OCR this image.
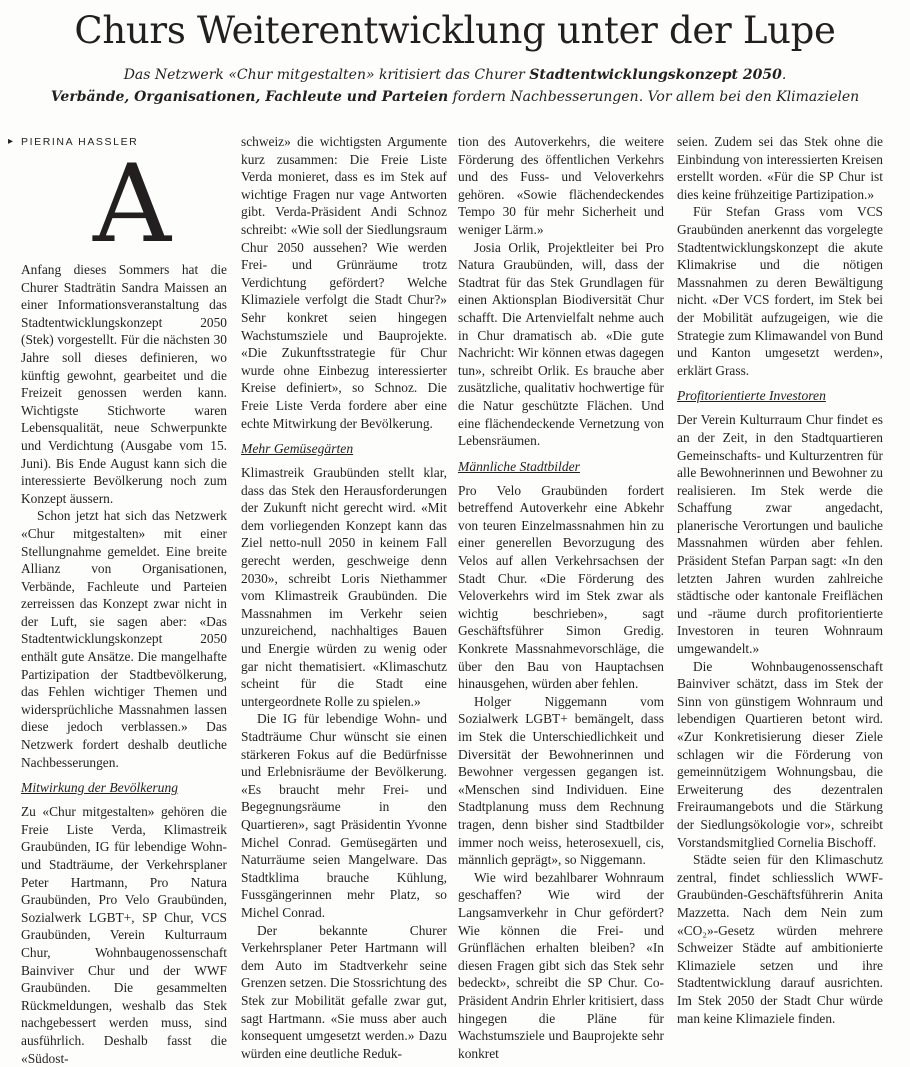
Churs Weiterentwicklung unter der Lupe

Das Netzwerk «Chur mitgestalten» kritisiert das Churer Stadtentwicklungskonzept 2050.

Verbände, Organisationen, Fachleute und Parteien fordern Nachbesserungen. Vor allem bei den Klimazielen

▸ PIERINA HASSLER

A

Anfang dieses Sommers hat die Churer Stadträtin Sandra Maissen an einer Informationsveranstaltung das Stadtentwicklungskonzept 2050 (Stek) vorgestellt. Für die nächsten 30 Jahre soll dieses definieren, wo künftig gewohnt, gearbeitet und die Freizeit genossen werden kann. Wichtigste Stichworte waren Lebensqualität, neue Schwerpunkte und Verdichtung (Ausgabe vom 15. Juni). Bis Ende August kann sich die interessierte Bevölkerung noch zum Konzept äussern.

Schon jetzt hat sich das Netzwerk «Chur mitgestalten» mit einer Stellungnahme gemeldet. Eine breite Allianz von Organisationen, Verbände, Fachleute und Parteien zerreissen das Konzept zwar nicht in der Luft, sie sagen aber: «Das Stadtentwicklungskonzept 2050 enthält gute Ansätze. Die mangelhafte Partizipation der Stadtbevölkerung, das Fehlen wichtiger Themen und widersprüchliche Massnahmen lassen diese jedoch verblassen.» Das Netzwerk fordert deshalb deutliche Nachbesserungen.

Mitwirkung der Bevölkerung

Zu «Chur mitgestalten» gehören die Freie Liste Verda, Klimastreik Graubünden, IG für lebendige Wohn- und Stadträume, der Verkehrsplaner Peter Hartmann, Pro Natura Graubünden, Pro Velo Graubünden, Sozialwerk LGBT+, SP Chur, VCS Graubünden, Verein Kulturraum Chur, Wohnbaugenossenschaft Bainviver Chur und der WWF Graubünden. Die gesammelten Rückmeldungen, weshalb das Stek nachgebessert werden muss, sind ausführlich. Deshalb fasst die «Südost-

schweiz» die wichtigsten Argumente kurz zusammen: Die Freie Liste Verda monieret, dass es im Stek auf wichtige Fragen nur vage Antworten gibt. Verda-Präsident Andi Schnoz schreibt: «Wie soll der Siedlungsraum Chur 2050 aussehen? Wie werden Frei- und Grünräume trotz Verdichtung gefördert? Welche Klimaziele verfolgt die Stadt Chur?» Sehr konkret seien hingegen Wachstumsziele und Bauprojekte. «Die Zukunftsstrategie für Chur wurde ohne Einbezug interessierter Kreise definiert», so Schnoz. Die Freie Liste Verda fordere aber eine echte Mitwirkung der Bevölkerung.

Mehr Gemüsegärten

Klimastreik Graubünden stellt klar, dass das Stek den Herausforderungen der Zukunft nicht gerecht wird. «Mit dem vorliegenden Konzept kann das Ziel netto-null 2050 in keinem Fall gerecht werden, geschweige denn 2030», schreibt Loris Niethammer vom Klimastreik Graubünden. Die Massnahmen im Verkehr seien unzureichend, nachhaltiges Bauen und Energie würden zu wenig oder gar nicht thematisiert. «Klimaschutz scheint für die Stadt eine untergeordnete Rolle zu spielen.»

Die IG für lebendige Wohn- und Stadträume Chur wünscht sie einen stärkeren Fokus auf die Bedürfnisse und Erlebnisräume der Bevölkerung. «Es braucht mehr Frei- und Begegnungsräume in den Quartieren», sagt Präsidentin Yvonne Michel Conrad. Gemüsegärten und Naturräume seien Mangelware. Das Stadtklima brauche Kühlung, Fussgängerinnen mehr Platz, so Michel Conrad.

Der bekannte Churer Verkehrsplaner Peter Hartmann will dem Auto im Stadtverkehr seine Grenzen setzen. Die Stossrichtung des Stek zur Mobilität gefalle zwar gut, sagt Hartmann. «Sie muss aber auch konsequent umgesetzt werden.» Dazu würden eine deutliche Reduk-

tion des Autoverkehrs, die weitere Förderung des öffentlichen Verkehrs und des Fuss- und Veloverkehrs gehören. «Sowie flächendeckendes Tempo 30 für mehr Sicherheit und weniger Lärm.»

Josia Orlik, Projektleiter bei Pro Natura Graubünden, will, dass der Stadtrat für das Stek Grundlagen für einen Aktionsplan Biodiversität Chur schafft. Die Artenvielfalt nehme auch in Chur dramatisch ab. «Die gute Nachricht: Wir können etwas dagegen tun», schreibt Orlik. Es brauche aber zusätzliche, qualitativ hochwertige für die Natur geschützte Flächen. Und eine flächendeckende Vernetzung von Lebensräumen.

Männliche Stadtbilder

Pro Velo Graubünden fordert betreffend Autoverkehr eine Abkehr von teuren Einzelmassnahmen hin zu einer generellen Bevorzugung des Velos auf allen Verkehrsachsen der Stadt Chur. «Die Förderung des Veloverkehrs wird im Stek zwar als wichtig beschrieben», sagt Geschäftsführer Simon Gredig. Konkrete Massnahmevorschläge, die über den Bau von Hauptachsen hinausgehen, würden aber fehlen.

Holger Niggemann vom Sozialwerk LGBT+ bemängelt, dass im Stek die Unterschiedlichkeit und Diversität der Bewohnerinnen und Bewohner vergessen gegangen ist. «Menschen sind Individuen. Eine Stadtplanung muss dem Rechnung tragen, denn bisher sind Stadtbilder immer noch weiss, heterosexuell, cis, männlich geprägt», so Niggemann.

Wie wird bezahlbarer Wohnraum geschaffen? Wie wird der Langsamverkehr in Chur gefördert? Wie können die Frei- und Grünflächen erhalten bleiben? «In diesen Fragen gibt sich das Stek sehr bedeckt», schreibt die SP Chur. Co-Präsident Andrin Ehrler kritisiert, dass hingegen die Pläne für Wachstumsziele und Bauprojekte sehr konkret

seien. Zudem sei das Stek ohne die Einbindung von interessierten Kreisen erstellt worden. «Für die SP Chur ist dies keine frühzeitige Partizipation.»

Für Stefan Grass vom VCS Graubünden anerkennt das vorgelegte Stadtentwicklungskonzept die akute Klimakrise und die nötigen Massnahmen zu deren Bewältigung nicht. «Der VCS fordert, im Stek bei der Mobilität aufzugeigen, wie die Strategie zum Klimawandel von Bund und Kanton umgesetzt werden», erklärt Grass.

Profitorientierte Investoren

Der Verein Kulturraum Chur findet es an der Zeit, in den Stadtquartieren Gemeinschafts- und Kulturzentren für alle Bewohnerinnen und Bewohner zu realisieren. Im Stek werde die Schaffung zwar angedacht, planerische Verortungen und bauliche Massnahmen würden aber fehlen. Präsident Stefan Parpan sagt: «In den letzten Jahren wurden zahlreiche städtische oder kantonale Freiflächen und -räume durch profitorientierte Investoren in teuren Wohnraum umgewandelt.»

Die Wohnbaugenossenschaft Bainviver schätzt, dass im Stek der Sinn von günstigem Wohnraum und lebendigen Quartieren betont wird. «Zur Konkretisierung dieser Ziele schlagen wir die Förderung von gemeinnützigem Wohnungsbau, die Erweiterung des dezentralen Freiraumangebots und die Stärkung der Siedlungsökologie vor», schreibt Vorstandsmitglied Cornelia Bischoff.

Städte seien für den Klimaschutz zentral, findet schliesslich WWF-Graubünden-Geschäftsführerin Anita Mazzetta. Nach dem Nein zum «CO₂»-Gesetz würden mehrere Schweizer Städte auf ambitionierte Klimaziele setzen und ihre Stadtentwicklung darauf ausrichten. Im Stek 2050 der Stadt Chur würde man keine Klimaziele finden.
